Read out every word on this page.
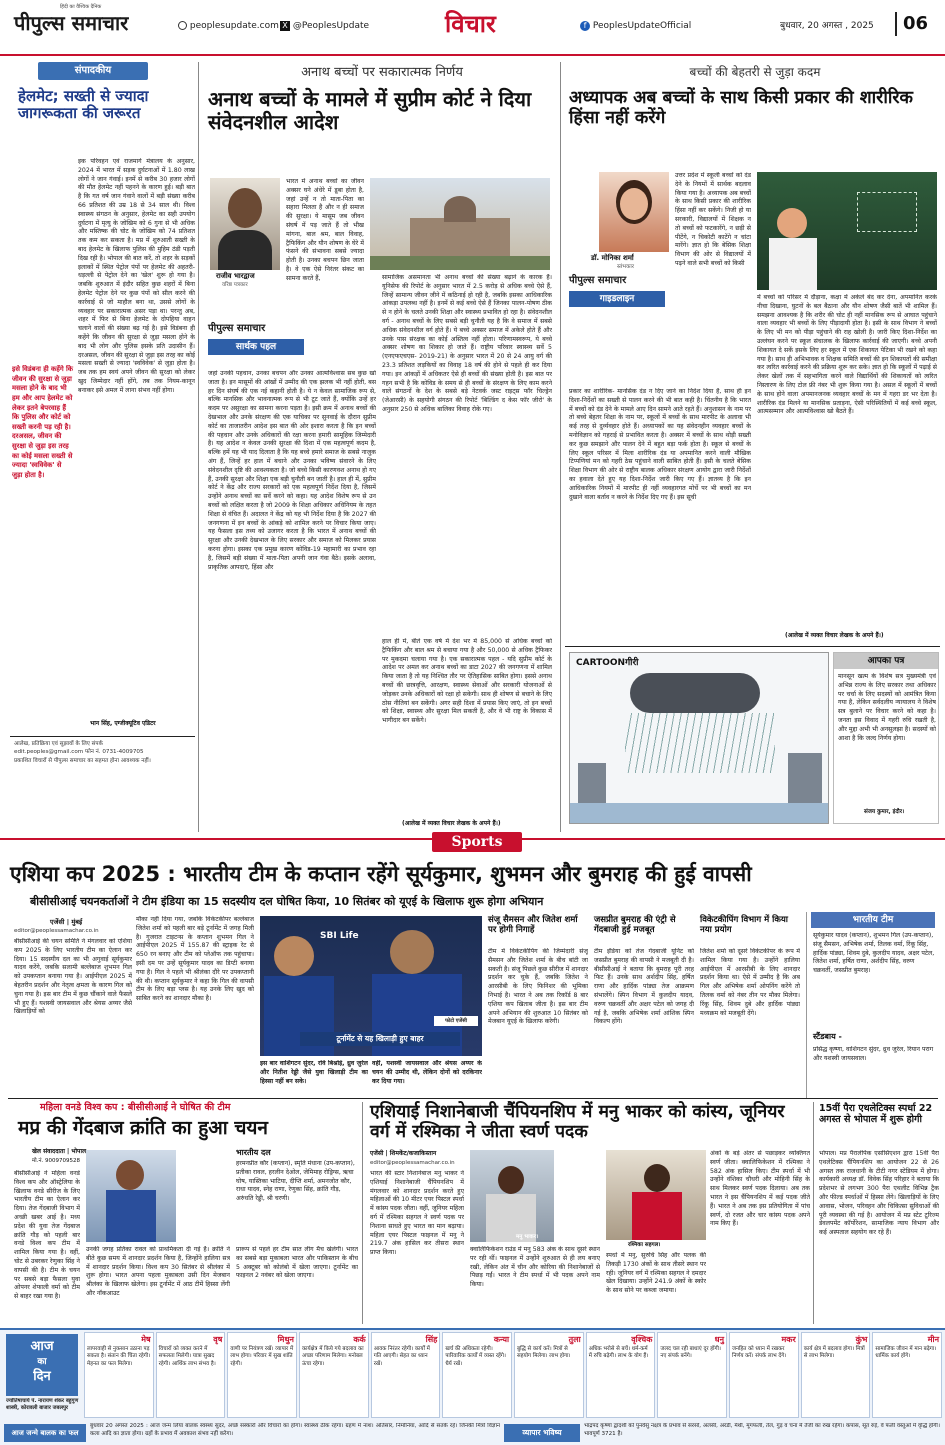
पीपुल्स समाचार
हिंदी का वैश्विक दैनिक
peoplesupdate.com X @PeoplesUpdate	विचार	f PeoplesUpdateOfficial	बुधवार, 20 अगस्त , 2025	06
संपादकीय
हेलमेट; सख्ती से ज्यादा जागरूकता की जरूरत
इक परिवहन एवं राजमार्ग मंत्रालय के अनुसार, 2024 में भारत में सड़क दुर्घटनाओं में 1.80 लाख लोगों ने जान गंवाई। इनमें से करीब 30 हजार लोगों की मौत हेलमेट नहीं पहनने के कारण हुई। बड़ी बात है कि गत वर्ष जान गंवाने वालों में बड़ी संख्या करीब 66 प्रतिशत की उम्र 18 से 34 साल थी। विश्व स्वास्थ्य संगठन के अनुसार, हेलमेट का सही उपयोग दुर्घटना में मृत्यु के जोखिम को 6 गुना से भी अधिक और मस्तिष्क की चोट के जोखिम को 74 प्रतिशत तक कम कर सकता है। मप्र में शुरुआती सख्ती के बाद हेलमेट के खिलाफ पुलिस की मुहिम ठंडी पड़ती दिख रही है। भोपाल की बात करें, तो शहर के सड़कों इलाकों में स्थित पेट्रोल पंपों पर हेलमेट की अहतरी-धड़ल्ली से पेट्रोल देने का 'खेल' शुरू हो गया है। जबकि शुरुआत में इंदौर सहित कुछ शहरों में बिना हेलमेट पेट्रोल देने पर कुछ पंपों को सील करने की कार्रवाई से जो माहौल बना था, उससे लोगों के व्यवहार पर सकारात्मक असर पड़ा था। परन्तु अब, शहर में फिर से बिना हेलमेट के दोपहिया वाहन चलाने वालों की संख्या बढ़ गई है। इसे विडंबना ही कहेंगे कि जीवन की सुरक्षा से जुड़ा मसला होने के बाद भी लोग और पुलिस इसके प्रति उदासीन हैं। दरअसल, जीवन की सुरक्षा से जुड़ा इस तरह का कोई मसला सख्ती से ज्यादा 'स्वविवेक' से जुड़ा होता है। जब तक हम स्वयं अपने जीवन की सुरक्षा को लेकर खुद जिम्मेदार नहीं होंगे, तब तक नियम-कानून बनाकर इसे अमल में लाना संभव नहीं होगा।
इसे विडंबना ही कहेंगे कि जीवन की सुरक्षा से जुड़ा मसला होने के बाद भी हम और आप हेलमेट को लेकर इतने बेपरवाह हैं कि पुलिस और कोर्ट को सख्ती करनी पड़ रही है। दरअसल, जीवन की सुरक्षा से जुड़ा इस तरह का कोई मसला सख्ती से ज्यादा 'स्वविवेक' से जुड़ा होता है।
भान सिंह, एग्जीक्यूटिव एडिटर
आलेख, प्रतिक्रिया एवं सुझावों के लिए संपर्क
edit.peoples@gmail.com फोन नं. 0731-4009705
प्रकाशित विचारों से पीपुल्स समाचार का सहमत होना आवश्यक नहीं।
अनाथ बच्चों पर सकारात्मक निर्णय
अनाथ बच्चों के मामले में सुप्रीम कोर्ट ने दिया संवेदनशील आदेश
राजीव भारद्वाज
वरिष्ठ पत्रकार
भारत में अनाथ बच्चों का जीवन अक्सर घने अंधेरे में डूबा होता है, जहां उन्हें न तो माता-पिता का सहारा मिलता है और न ही समाज की सुरक्षा। ये मासूम जब जीवन संघर्ष में पड़ जाते हैं तो भीख मांगना, बाल श्रम, बाल विवाह, ट्रैफिकिंग और यौन शोषण के घेरे में फंसने की संभावना सबसे ज्यादा होती है। उनका बचपन छिन जाता है। वे एक ऐसे निरंतर संकट का सामना करते हैं,
पीपुल्स समाचार
सार्थक पहल
जहां उनकी पहचान, उनका बचपन और उनका आत्मविश्वास सब कुछ खो जाता है। इन मासूमों की आंखों में उम्मीद की एक झलक भी नहीं होती, बस हर दिन संघर्ष की एक नई कहानी होती है। ये न केवल सामाजिक रूप से, बल्कि मानसिक और भावनात्मक रूप से भी टूट जाते हैं, क्योंकि उन्हें हर कदम पर असुरक्षा का सामना करना पड़ता है। इसी क्रम में अनाथ बच्चों की देखभाल और उनके संरक्षण की एक याचिका पर सुनवाई के दौरान सुप्रीम कोर्ट का ताजातरीन आदेश इस बात की ओर इशारा करता है कि इन बच्चों की पहचान और उनके अधिकारों की रक्षा करना हमारी सामूहिक जिम्मेदारी है। यह आदेश न केवल उनकी सुरक्षा की दिशा में एक महत्वपूर्ण कदम है, बल्कि हमें यह भी याद दिलाता है कि यह बच्चे हमारे समाज के सबसे नाजुक अंग हैं, जिन्हें हर हाल में बचाने और उनका भविष्य संवारने के लिए संवेदनशील दृष्टि की आवश्यकता है। जो बच्चे किसी कारणवश अनाथ हो गए हैं, उनकी सुरक्षा और शिक्षा एक बड़ी चुनौती बन जाती है। हाल ही में, सुप्रीम कोर्ट ने केंद्र और राज्य सरकारों को एक महत्वपूर्ण निर्देश दिया है, जिसमें उन्होंने अनाथ बच्चों का सर्वे करने को कहा। यह आदेश विशेष रूप से उन बच्चों को लक्षित करता है जो 2009 के शिक्षा अधिकार अधिनियम के तहत शिक्षा से वंचित हैं। अदालत ने केंद्र को यह भी निर्देश दिया है कि 2027 की जनगणना में इन बच्चों के आंकड़े को शामिल करने पर विचार किया जाए। यह फैसला इस तथ्य को उजागर करता है कि भारत में अनाथ बच्चों की सुरक्षा और उनकी देखभाल के लिए सरकार और समाज को मिलकर प्रयास करना होगा। इसका एक प्रमुख कारण कोविड-19 महामारी का प्रभाव रहा है, जिसमें बड़ी संख्या में माता-पिता अपनी जान गंवा बैठे। इसके अलावा, प्राकृतिक आपदाएं, हिंसा और
सामाजिक असमानता भी अनाथ बच्चों की संख्या बढ़ाने के कारक हैं। यूनिसेफ की रिपोर्ट के अनुसार भारत में 2.5 करोड़ से अधिक बच्चे ऐसे हैं, जिन्हें सामान्य जीवन जीने में कठिनाई हो रही है, जबकि इसका आधिकारिक आंकड़ा उपलब्ध नहीं है। इनमें से कई बच्चे ऐसे हैं जिनका पालन-पोषण ठीक से न होने के चलते उनकी शिक्षा और स्वास्थ्य प्रभावित हो रहा है। संवेदनशील वर्ग - अनाथ बच्चों के लिए सबसे बड़ी चुनौती यह है कि वे समाज में सबसे अधिक संवेदनशील वर्ग होते हैं। ये बच्चे अक्सर समाज में अकेले होते हैं और उनके पास संरक्षक का कोई अस्तित्व नहीं होता। परिणामस्वरूप, ये बच्चे अक्सर शोषण का शिकार हो जाते हैं। राष्ट्रीय परिवार स्वास्थ्य सर्वे 5 (एनएफएचएस- 2019-21) के अनुसार भारत में 20 से 24 आयु वर्ग की 23.3 प्रतिशत लड़कियों का विवाह 18 वर्ष की होने से पहले ही कर दिया गया। इन आंकड़ों में अधिकतर ऐसे ही बच्चों की संख्या होती है। इस बात पर गहन सभी है कि कोविड के समय से ही बच्चों के संरक्षण के लिए काम करने वाले संगठनों के देश के सबसे बड़े नेटवर्क जस्ट राइट्स फॉर चिल्ड्रेन (जेआरसी) के सहयोगी संगठन की रिपोर्ट 'बिल्डिंग द केस फॉर जीरो' के अनुसार 250 से अधिक बालिका विवाह रोके गए।
हाल ही में, बीते एक वर्ष में देश भर में 85,000 से अधिक बच्चों को ट्रैफिकिंग और बाल श्रम से बचाया गया है और 50,000 से अधिक ट्रैफिकर पर मुकदमा चलाया गया है। एक सकारात्मक पहल - यदि सुप्रीम कोर्ट के आदेश पर अमल कर अनाथ बच्चों का डाटा 2027 की जनगणना में शामिल किया जाता है तो यह निश्चित तौर पर ऐतिहासिक साबित होगा। इससे अनाथ बच्चों की छात्रवृत्ति, आरक्षण, स्वास्थ्य सेवाओं और सरकारी योजनाओं से जोड़कर उनके अधिकारों को रक्षा हो सकेगी। साथ ही शोषण से बचाने के लिए ठोस नीतियां बन सकेंगी। अगर सही दिशा में प्रयास किए जाएं, तो इन बच्चों को शिक्षा, स्वास्थ्य और सुरक्षा मिल सकती है, और वे भी राष्ट्र के विकास में भागीदार बन सकेंगे।
(आलेख में व्यक्त विचार लेखक के अपने हैं।)
बच्चों की बेहतरी से जुड़ा कदम
अध्यापक अब बच्चों के साथ किसी प्रकार की शारीरिक हिंसा नहीं करेंगे
डॉ. मोनिका शर्मा
स्तंभकार
पीपुल्स समाचार
गाइडलाइन
उत्तर प्रदेश में स्कूली बच्चों को दंड देने के नियमों में सार्थक बदलाव किया गया है। अध्यापक अब बच्चों के साथ किसी प्रकार की शारीरिक हिंसा नहीं कर सकेंगे। निजी हो या सरकारी, विद्यालयों में शिक्षक न तो बच्चों को फटकारेंगे, न छड़ी से पीटेंगे, न चिकोटी काटेंगे न चांटा मारेंगे। ज्ञात हो कि बेसिक शिक्षा विभाग की ओर से विद्यालयों में पढ़ने वाले सभी बच्चों को किसी
प्रकार का शारीरिक- मानसिक दंड न दिए जाने का निर्देश दिया है, साथ ही इन दिशा-निर्देशों का सख्ती से पालन करने की भी बात कही है। चिंतनीय है कि भारत में बच्चों को दंड देने के मामले आए दिन सामने आते रहते हैं। अनुशासन के नाम पर तो बच्चे बेहतर शिक्षा के नाम पर, स्कूलों में बच्चों के साथ मारपीट के अलावा भी कई तरह से दुर्व्यवहार होते हैं। अध्यापकों का यह संवेदनहीन व्यवहार बच्चों के मनोविज्ञान को गहराई से प्रभावित करता है। अक्सर में बच्चों के साथ थोड़ी सख्ती कर कुछ समझाने और पालन देने में बहुत बड़ा फर्क होता है। स्कूल से बच्चों के लिए स्कूल परिसर में मिला शारीरिक दंड या अपमानित करने वाली मौखिक टिप्पणियां मन को गहरी ठेस पहुंचाने वाली साबित होती हैं। इसी के चलते बेसिक शिक्षा विभाग की ओर से राष्ट्रीय बालक अधिकार संरक्षण आयोग द्वारा जारी निर्देशों का हवाला देते हुए यह दिशा-निर्देश जारी किए गए हैं। ज्ञातव्य है कि इन आधिकारिक नियमों में मारपीट ही नहीं व्यवहारगत मोर्चे पर भी बच्चों का मन दुखाने वाला बर्ताव न करने के निर्देश दिए गए हैं। इस सूची
में बच्चों को परिसर में दौड़ाना, कक्षा में अकेले बंद कर देना, अपमानित करके नीचा दिखाना, घुटनों के बल बैठाना और यौन शोषण जैसी बातें भी शामिल हैं। समझना आवश्यक है कि शरीर की चोट ही नहीं मानसिक रूप से आघात पहुंचाने वाला व्यवहार भी बच्चों के लिए पीड़ादायी होता है। इसी के साथ विभाग ने बच्चों के लिए भी मन को पीड़ा पहुंचाने की राह खोली है। जारी किए दिशा-निर्देश का उल्लंघन करने पर स्कूल संचालक के खिलाफ कार्रवाई की जाएगी। बच्चे अपनी शिकायत दे सकें इसके लिए हर स्कूल में एक शिकायत पेटिका भी रखने को कहा गया है। साथ ही अभिभावक व शिक्षक समिति बच्चों की इन शिकायतों की समीक्षा कर त्वरित कार्रवाई करने की प्रक्रिया शुरू कर सके। ज्ञात हो कि स्कूलों में पढ़ाई से लेकर खेलों तक में सहभागिता करने वाले विद्यार्थियों की शिकायतों को त्वरित निस्तारण के लिए टोल फ्री नंबर भी शुरू किया गया है। असल में स्कूलों में बच्चों के साथ होने वाला अपमानजनक व्यवहार बच्चों के मन में गहरा डर भर देता है। शारीरिक दंड मिलने या मानसिक प्रताड़ना, ऐसी परिस्थितियों में कई बच्चे स्कूल, आत्मसम्मान और आत्मविश्वास खो बैठते हैं।
(आलेख में व्यक्त विचार लेखक के अपने हैं।)
CARTOONगीरी	आपका पत्र
मानसून खत्म के विशेष सत्र मुख्यमंत्री एवं अभिन्न राज्य के लिए सरकार तथा अधिकार पर चर्चा के लिए सदस्यों को आमंत्रित किया गया है, लेकिन सर्वदलीय न्यायालय ने विशेष सत्र बुलाने पर विचार करने को कहा है। जनता इस विवाद में गहरी रुचि रखती है, और मुद्दा अभी भी अनसुलझा है। सदस्यों को आशा है कि जल्द निर्णय होगा।
संजय कुमार, इंदौर।
Sports
एशिया कप 2025 : भारतीय टीम के कप्तान रहेंगे सूर्यकुमार, शुभमन और बुमराह की हुई वापसी
बीसीसीआई चयनकर्ताओं ने टीम इंडिया का 15 सदस्यीय दल घोषित किया, 10 सितंबर को यूएई के खिलाफ शुरू होगा अभियान
एजेंसी | मुंबई
editor@peoplessamachar.co.in
बीसीसीआई की चयन समिति ने मंगलवार को एशिया कप 2025 के लिए भारतीय टीम का ऐलान कर दिया। 15 सदस्यीय दल का भी अगुवाई सूर्यकुमार यादव करेंगे, जबकि सलामी बल्लेबाज शुभमन गिल को उपकप्तान बनाया गया है। आईपीएल 2025 में बेहतरीन प्रदर्शन और नेतृत्व क्षमता के कारण गिल को चुना गया है। इस बार टीम में कुछ चौंकाने वाले फैसले भी हुए हैं। यशस्वी जायसवाल और श्रेयस अय्यर जैसे खिलाड़ियों को
मौका नहीं दिया गया, जबकि विकेटकीपर बल्लेबाज जितेश शर्मा को पहली बार बड़े टूर्नामेंट में जगह मिली है। गुजरात टाइटन्स के कप्तान शुभमन गिल ने आईपीएल 2025 में 155.87 की स्ट्राइक रेट से 650 रन बनाए और टीम को प्लेऑफ तक पहुंचाया। इसी दम पर उन्हें सूर्यकुमार यादव का डिप्टी बनाया गया है। गिल ने पहले भी श्रीलंका दौरे पर उपकप्तानी की थी। कप्तान सूर्यकुमार ने कहा कि गिल की वापसी टीम के लिए बड़ा प्लस है। यह उनके लिए खुद को साबित करने का शानदार मौका है।
SBI Life
टूर्नामेंट से यह खिलाड़ी हुए बाहर
फोटो एजेंसी
इस बार वाशिंगटन सुंदर, रवि बिश्नोई, ध्रुव जुरेल और नितीश रेड्डी जैसे युवा खिलाड़ी टीम का हिस्सा नहीं बन सके।
वहीं, यशस्वी जायसवाल और श्रेयस अय्यर के चयन की उम्मीद थी, लेकिन दोनों को दरकिनार कर दिया गया।
संजू सैमसन और जितेश शर्मा पर होगी निगाहें
टीम में विकेटकीपिंग की जिम्मेदारी संजू सैमसन और जितेश शर्मा के बीच बांटी जा सकती है। संजू पिछले कुछ सीरीज में शानदार प्रदर्शन कर चुके हैं, जबकि जितेश ने आरसीबी के लिए फिनिशर की भूमिका निभाई है। भारत ने अब तक रिकॉर्ड 8 बार एशिया कप खिताब जीता है। इस बार टीम अपने अभियान की शुरुआत 10 सितंबर को मेजबान यूएई के खिलाफ करेगी।
जसप्रीत बुमराह की एंट्री से गेंदबाजी हुई मजबूत
टीम इंडिया को तेज गेंदबाजी यूनिट को जसप्रीत बुमराह की वापसी ने मजबूती दी है। बीसीसीआई ने बताया कि बुमराह पूरी तरह फिट हैं। उनके साथ अर्शदीप सिंह, हर्षित राणा और हार्दिक पांड्या तेज आक्रमण संभालेंगे। स्पिन विभाग में कुलदीप यादव, वरुण चक्रवर्ती और अक्षर पटेल को जगह दी गई है, जबकि अभिषेक शर्मा आंशिक स्पिन विकल्प होंगे।
विकेटकीपिंग विभाग में किया नया प्रयोग
जितेश शर्मा को दूसरे विकेटकीपर के रूप में शामिल किया गया है। उन्होंने हालिया आईपीएल में आरसीबी के लिए शानदार प्रदर्शन किया था। ऐसे में उम्मीद है कि अब गिल और अभिषेक शर्मा ओपनिंग करेंगे तो तिलक वर्मा को नंबर तीन पर मौका मिलेगा। रिंकू सिंह, शिवम दुबे और हार्दिक पांड्या मध्यक्रम को मजबूती देंगे।
भारतीय टीम
सूर्यकुमार यादव (कप्तान), शुभमन गिल (उप-कप्तान), संजू सैमसन, अभिषेक शर्मा, तिलक वर्मा, रिंकू सिंह, हार्दिक पांड्या, शिवम दुबे, कुलदीप यादव, अक्षर पटेल, जितेश शर्मा, हर्षित राणा, अर्शदीप सिंह, वरुण चक्रवर्ती, जसप्रीत बुमराह।
स्टैंडबाय -
प्रसिद्ध कृष्णा, वाशिंगटन सुंदर, ध्रुव जुरेल, रियान पराग और यशस्वी जायसवाल।
महिला वनडे विश्व कप : बीसीसीआई ने घोषित की टीम
मप्र की गेंदबाज क्रांति का हुआ चयन
खेल संवाददाता | भोपाल
मो.नं. 9009709528
बीसीसीआई ने महिला वनडे विश्व कप और ऑस्ट्रेलिया के खिलाफ वनडे सीरीज के लिए भारतीय टीम का ऐलान कर दिया। तेज गेंदबाजी विभाग में अच्छी खबर आई है। मध्य प्रदेश की युवा तेज गेंदबाज क्रांति गौड़ को पहली बार वनडे विश्व कप टीम में शामिल किया गया है। वहीं, चोट से उबरकर रेणुका सिंह ने वापसी की है। टीम के चयन पर सबसे बड़ा फैसला युवा ओपनर शेफाली वर्मा को टीम से बाहर रखा गया है।
उनकी जगह प्रतिका रावल को प्राथमिकता दी गई है। क्रांति ने बीते कुछ समय में शानदार प्रदर्शन किया है, जिन्होंने हालिया सत्र में शानदार प्रदर्शन किया। विश्व कप 30 सितंबर से श्रीलंका में शुरू होगा। भारत अपना पहला मुकाबला उसी दिन मेजबान श्रीलंका के खिलाफ खेलेगा। इस टूर्नामेंट में आठ टीमें हिस्सा लेंगी और नॉकआउट
भारतीय दल
हरमनप्रीत कौर (कप्तान), स्मृति मंधाना (उप-कप्तान), प्रतीका रावल, हरलीन देओल, जेमिमाह रोड्रिग्स, ऋचा घोष, यास्तिका भाटिया, दीप्ति शर्मा, अमनजोत कौर, राधा यादव, स्नेह राणा, रेणुका सिंह, क्रांति गौड़, अरुंधति रेड्डी, श्री चरणी।
प्रारूप से पहले हर टीम सात लीग मैच खेलेगी। भारत का सबसे बड़ा मुकाबला भारत और पाकिस्तान के बीच 5 अक्टूबर को कोलंबो में खेला जाएगा। टूर्नामेंट का फाइनल 2 नवंबर को खेला जाएगा।
एशियाई निशानेबाजी चैंपियनशिप में मनु भाकर को कांस्य, जूनियर वर्ग में रश्मिका ने जीता स्वर्ण पदक
एजेंसी | शिमकेंट/कजाकिस्तान
editor@peoplessamachar.co.in
भारत की स्टार निशानेबाज मनु भाकर ने एशियाई निशानेबाजी चैंपियनशिप में मंगलवार को शानदार प्रदर्शन करते हुए महिलाओं की 10 मीटर एयर पिस्टल स्पर्धा में कांस्य पदक जीता। वहीं, जूनियर महिला वर्ग में रश्मिका सहगल ने स्वर्ण पदक पर निशाना साधते हुए भारत का मान बढ़ाया। महिला एयर पिस्टल फाइनल में मनु ने 219.7 अंक हासिल कर तीसरा स्थान प्राप्त किया।
मनु भाकर।
क्वालिफिकेशन राउंड में मनु 583 अंक के साथ दूसरे स्थान पर रही थीं। फाइनल में उन्होंने शुरुआत से ही लय बनाए रखी, लेकिन अंत में चीन और कोरिया की निशानेबाजों से पिछड़ गईं। भारत ने टीम स्पर्धा में भी पदक अपने नाम किया।
रश्मिका सहगल।
स्पर्धा में मनु, सुरुचि सिंह और पलक की तिकड़ी 1730 अंकों के साथ तीसरे स्थान पर रही। जूनियर वर्ग में रश्मिका सहगल ने दमदार खेल दिखाया। उन्होंने 241.9 अंकों के स्कोर के साथ सोने पर कब्जा जमाया।
अंकों के बड़े अंतर से पछाड़कर व्यक्तिगत स्वर्ण जीता। क्वालिफिकेशन में रश्मिका ने 582 अंक हासिल किए। टीम स्पर्धा में भी उन्होंने वंशिका चौधरी और मोहिनी सिंह के साथ मिलकर स्वर्ण पदक दिलाया। अब तक भारत ने इस चैंपियनशिप में कई पदक जीते हैं। भारत ने अब तक इस प्रतियोगिता में पांच स्वर्ण, दो रजत और चार कांस्य पदक अपने नाम किए हैं।
15वीं पैरा एथलेटिक्स स्पर्धा 22 अगस्त से भोपाल में शुरू होगी
भोपाल। मप्र पैरालंपिक एसोसिएशन द्वारा 15वीं पैरा एथलेटिक्स चैंपियनशिप का आयोजन 22 से 26 अगस्त तक राजधानी के टीटी नगर स्टेडियम में होगा। कार्यकारी अध्यक्ष डॉ. विवेक सिंह परिहार ने बताया कि प्रदेशभर से लगभग 300 पैरा एथलीट विभिन्न ट्रैक और फील्ड स्पर्धाओं में हिस्सा लेंगे। खिलाड़ियों के लिए आवास, भोजन, परिवहन और चिकित्सा सुविधाओं की पूरी व्यवस्था की गई है। आयोजन में मप्र स्टेट टूरिज्म डेवलपमेंट कॉर्पोरेशन, सामाजिक न्याय विभाग और कई अस्पताल सहयोग कर रहे हैं।
आज
का
दिन
ज्योतिषाचार्य पं. नारायण शंकर बहुगुण शास्त्री, कोरावली बाजार जबलपुर
मेष
लापरवाही से नुकसान उठाना पड़ सकता है। संतान की चिंता रहेगी। मेहनत का फल मिलेगा।
वृष
विचारों को व्यक्त करने में सफलता मिलेगी। यात्रा सुखद रहेगी। आर्थिक लाभ संभव है।
मिथुन
वाणी पर नियंत्रण रखें। व्यापार में लाभ होगा। परिवार में सुख शांति रहेगी।
कर्क
कार्यक्षेत्र में किये गये बदलाव का अच्छा परिणाम मिलेगा। मनोबल ऊंचा रहेगा।
सिंह
आवक निरंतर रहेगी। कार्यों में गति आएगी। सेहत का ध्यान रखें।
कन्या
खर्च की अधिकता रहेगी। पारिवारिक कार्यों में व्यस्त रहेंगे। धैर्य रखें।
तुला
बुद्धि से कार्य करें। मित्रों से सहयोग मिलेगा। लाभ होगा।
वृश्चिक
अधिक भरोसे से बचें। धर्म-कर्म में रुचि बढ़ेगी। लाभ के योग हैं।
धनु
जलद चल रही बाधाएं दूर होंगी। नए संपर्क बनेंगे।
मकर
जनहित को ध्यान में रखकर निर्णय करें। संपर्क लाभ देंगे।
कुंभ
कार्य क्षेत्र में बदलाव होगा। मित्रों से लाभ मिलेगा।
मीन
सामाजिक जीवन में मान बढ़ेगा। धार्मिक कार्य होंगे।
आज जन्मे बालक का फल
बुधवार 20 अगस्त 2025 : आज जन्म लिया बालक स्वस्थ्य सुंदर, अच्छे संस्कारों और विचारों का होगा। स्वास्थ्य ठीक रहेगा। ग्रहण में नाश। अतिसार, निमोनिया, आदि से सतर्क रहें। जिनकी मित्रों विज्ञान कला आदि का ज्ञाता होगा। ग्रहों के प्रभाव में अवकाश संभव नहीं करेगा।	व्यापार भविष्य
भाद्रपद कृष्णा द्वादशी को पुनर्वसु नक्षत्र के प्रभाव से सरसों, अलसी, अरंडी, मेथी, मूंगफली, तेल, गुड़ व चना में तेजी का रुख रहेगा। कपास, सूत रुई, वे फली वस्तुओं में वृद्धि होगी। भावपूर्ण 3721 है।
